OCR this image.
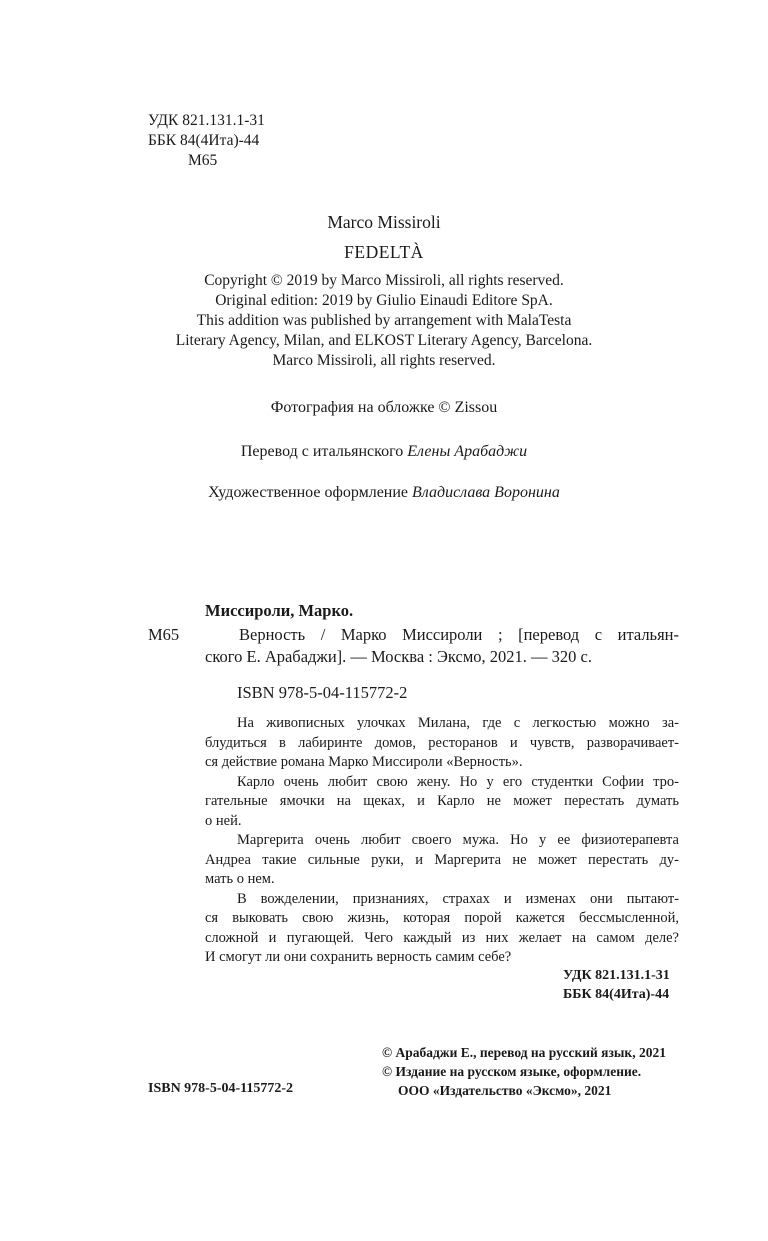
УДК 821.131.1-31
ББК 84(4Ита)-44
М65
Marco Missiroli
FEDELTÀ
Copyright © 2019 by Marco Missiroli, all rights reserved.
Original edition: 2019 by Giulio Einaudi Editore SpA.
This addition was published by arrangement with MalaTesta
Literary Agency, Milan, and ELKOST Literary Agency, Barcelona.
Marco Missiroli, all rights reserved.
Фотография на обложке © Zissou
Перевод с итальянского Елены Арабаджи
Художественное оформление Владислава Воронина
Миссироли, Марко.
М65	Верность / Марко Миссироли ; [перевод с итальян-
ского Е. Арабаджи]. — Москва : Эксмо, 2021. — 320 с.
ISBN 978-5-04-115772-2

На живописных улочках Милана, где с легкостью можно за-
блудиться в лабиринте домов, ресторанов и чувств, разворачивает-
ся действие романа Марко Миссироли «Верность».

Карло очень любит свою жену. Но у его студентки Софии тро-
гательные ямочки на щеках, и Карло не может перестать думать
о ней.

Маргерита очень любит своего мужа. Но у ее физиотерапевта
Андреа такие сильные руки, и Маргерита не может перестать ду-
мать о нем.

В вожделении, признаниях, страхах и изменах они пытают-
ся выковать свою жизнь, которая порой кажется бессмысленной,
сложной и пугающей. Чего каждый из них желает на самом деле?
И смогут ли они сохранить верность самим себе?

УДК 821.131.1-31
ББК 84(4Ита)-44
© Арабаджи Е., перевод на русский язык, 2021
© Издание на русском языке, оформление.
ООО «Издательство «Эксмо», 2021
ISBN 978-5-04-115772-2
